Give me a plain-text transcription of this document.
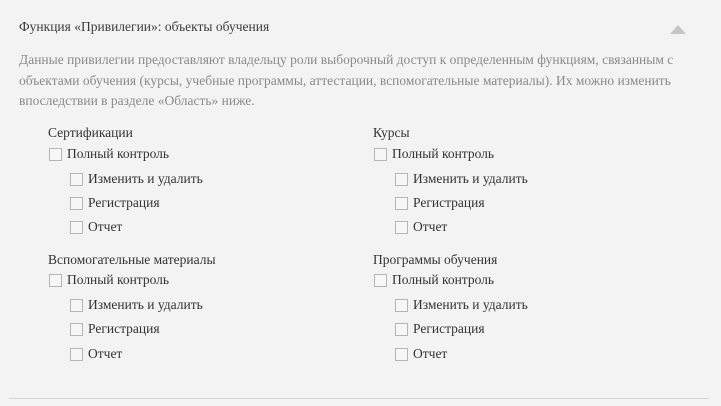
Функция «Привилегии»: объекты обучения
Данные привилегии предоставляют владельцу роли выборочный доступ к определенным функциям, связанным с объектами обучения (курсы, учебные программы, аттестации, вспомогательные материалы). Их можно изменить впоследствии в разделе «Область» ниже.
Сертификации
Полный контроль
Изменить и удалить
Регистрация
Отчет
Курсы
Полный контроль
Изменить и удалить
Регистрация
Отчет
Вспомогательные материалы
Полный контроль
Изменить и удалить
Регистрация
Отчет
Программы обучения
Полный контроль
Изменить и удалить
Регистрация
Отчет
